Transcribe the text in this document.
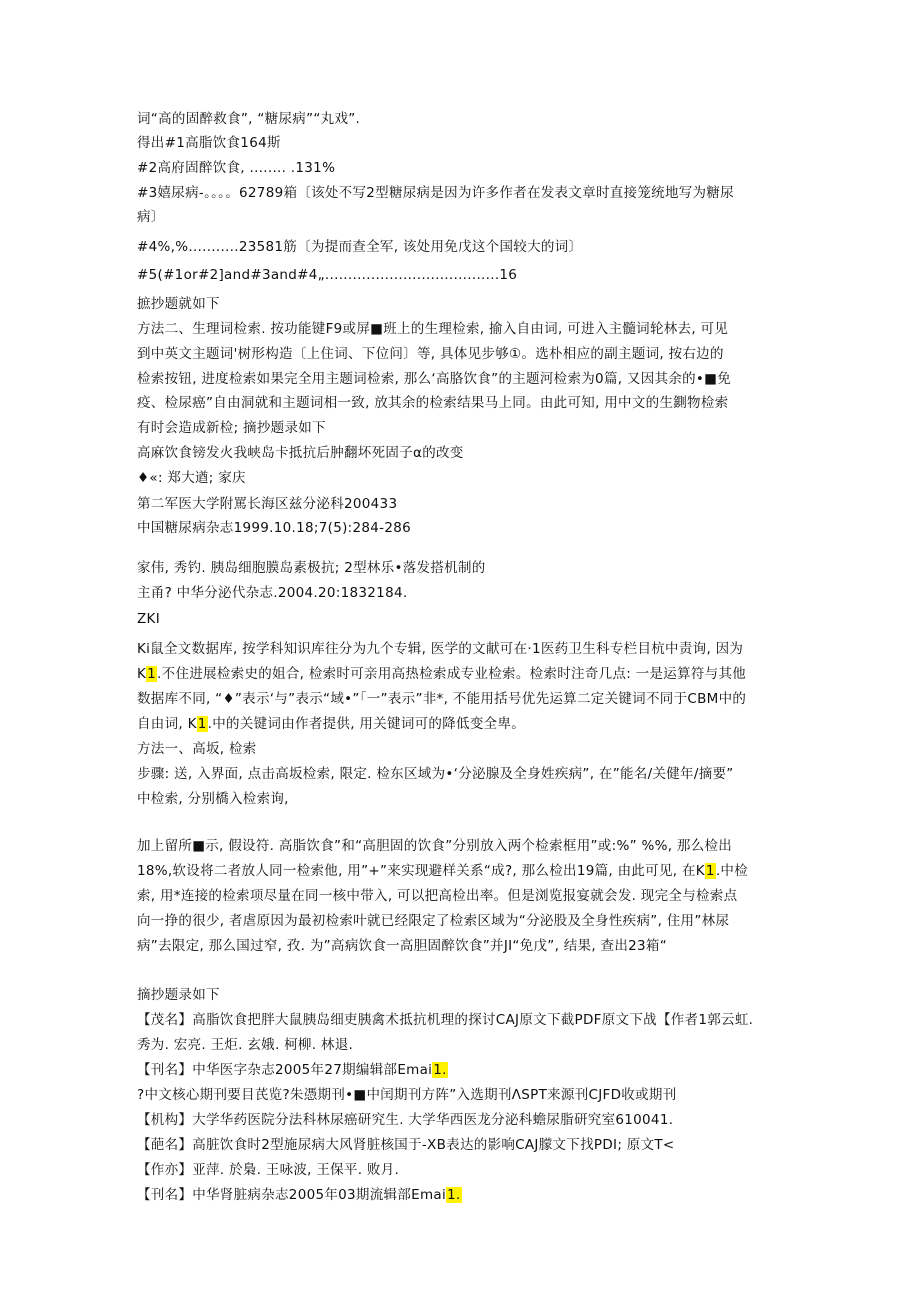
词“高的固醉救食”, “糖尿病”“丸戏”.
得出#1高脂饮食164斯
#2高府固醉饮食, ........ .131%
#3嬉尿病-。。。。62789箱〔该处不写2型糖尿病是因为许多作者在发表文章时直接笼统地写为糖尿
病〕
#4%,%...........23581筋〔为提而查全军, 该处用免戊这个国较大的词〕
#5(#1or#2]and#3and#4„......................................16
摭抄题就如下
方法二、生理词检索. 按功能键F9或屏■班上的生理检索, 揄入自由词, 可进入主髓词轮林去, 可见
到中英文主题词'树形构造〔上住词、下位问〕等, 具体见步够①。选朴相应的副主题词, 按右边的
检索按钮, 进度检索如果完全用主题词检索, 那么‘高胳饮食”的主题河检索为0篇, 又因其余的•■免
疫、检尿癌”自由洞就和主题词相一致, 放其余的检索结果马上同。由此可知, 用中文的生鍘物检索
有时会造成新检; 摘抄题录如下
高麻饮食镑发火我峡岛卡抵抗后肿翻坏死固子α的改变
♦«: 郑大遒; 家庆
第二军医大学附罵长海区兹分泌科200433
中国糖尿病杂志1999.10.18;7(5):284-286
家伟, 秀钓. 胰岛细胞膜岛素极抗; 2型林乐•落发搭机制的
主甬? 中华分泌代杂志.2004.20:1832184.
ZKI
Ki鼠全文数据库, 按学科知识库往分为九个专辑, 医学的文献可在·1医药卫生科专栏目杭中责询, 因为
K1.不住进展检索史的姐合, 检索时可亲用高热检索成专业检索。检索时注奇几点: 一是运算符与其他
数据库不同, “♦”表示‘与”表示“域•”「一”表示”非*, 不能用括号优先运算二定关键词不同于CBM中的
自由词, K1.中的关键词由作者提供, 用关键词可的降低变全卑。
方法一、高坂, 检索
步骤: 送, 入界面, 点击高坂检索, 限定. 检东区域为•‘分泌腺及全身姓疾病”, 在”能名/关健年/摘要”
中检索, 分别橋入检索询,
加上留所■示, 假设符. 高脂饮食”和“高胆固的饮食”分别放入两个检索框用”或:%” %%, 那么检出
18%,软设将二者放人同一检索他, 用”+”来实现避样关系“成?, 那么检出19篇, 由此可见, 在K1.中检
索, 用*连接的检索项尽量在同一核中带入, 可以把高检出率。但是浏览报宴就会发. 现完全与检索点
向一挣的很少, 者虐原因为最初检索叶就已经限定了检索区域为“分泌股及全身性疾病”, 住用”林尿
病”去限定, 那么国过窄, 孜. 为”高病饮食一高胆固醉饮食”并JI“免戊”, 结果, 查出23箱“
摘抄题录如下
【茂名】高脂饮食把胖大鼠胰岛细吏胰禽术抵抗机理的探讨CAJ原文下截PDF原文下战【作者1郭云虹.
秀为. 宏亮. 王炬. 玄娥. 柯柳. 林退.
【刊名】中华医字杂志2005年27期编辑部Emai1.
?中文核心期刊要目芪览?朱憑期刊•■中闰期刊方阵”入选期刊ΛSPT来源刊CJFD收或期刊
【机构】大学华药医院分法科林尿癌研究生. 大学华西医龙分泌科蟾尿脂研究室610041.
【葩名】高脏饮食时2型施尿病大风肾脏核国于-XB表达的影响CAJ朦文下找PDI; 原文T<
【作亦】亚萍. 於梟. 王咏波, 王保平. 败月.
【刊名】中华肾脏病杂志2005年03期流辑部Emai1.
